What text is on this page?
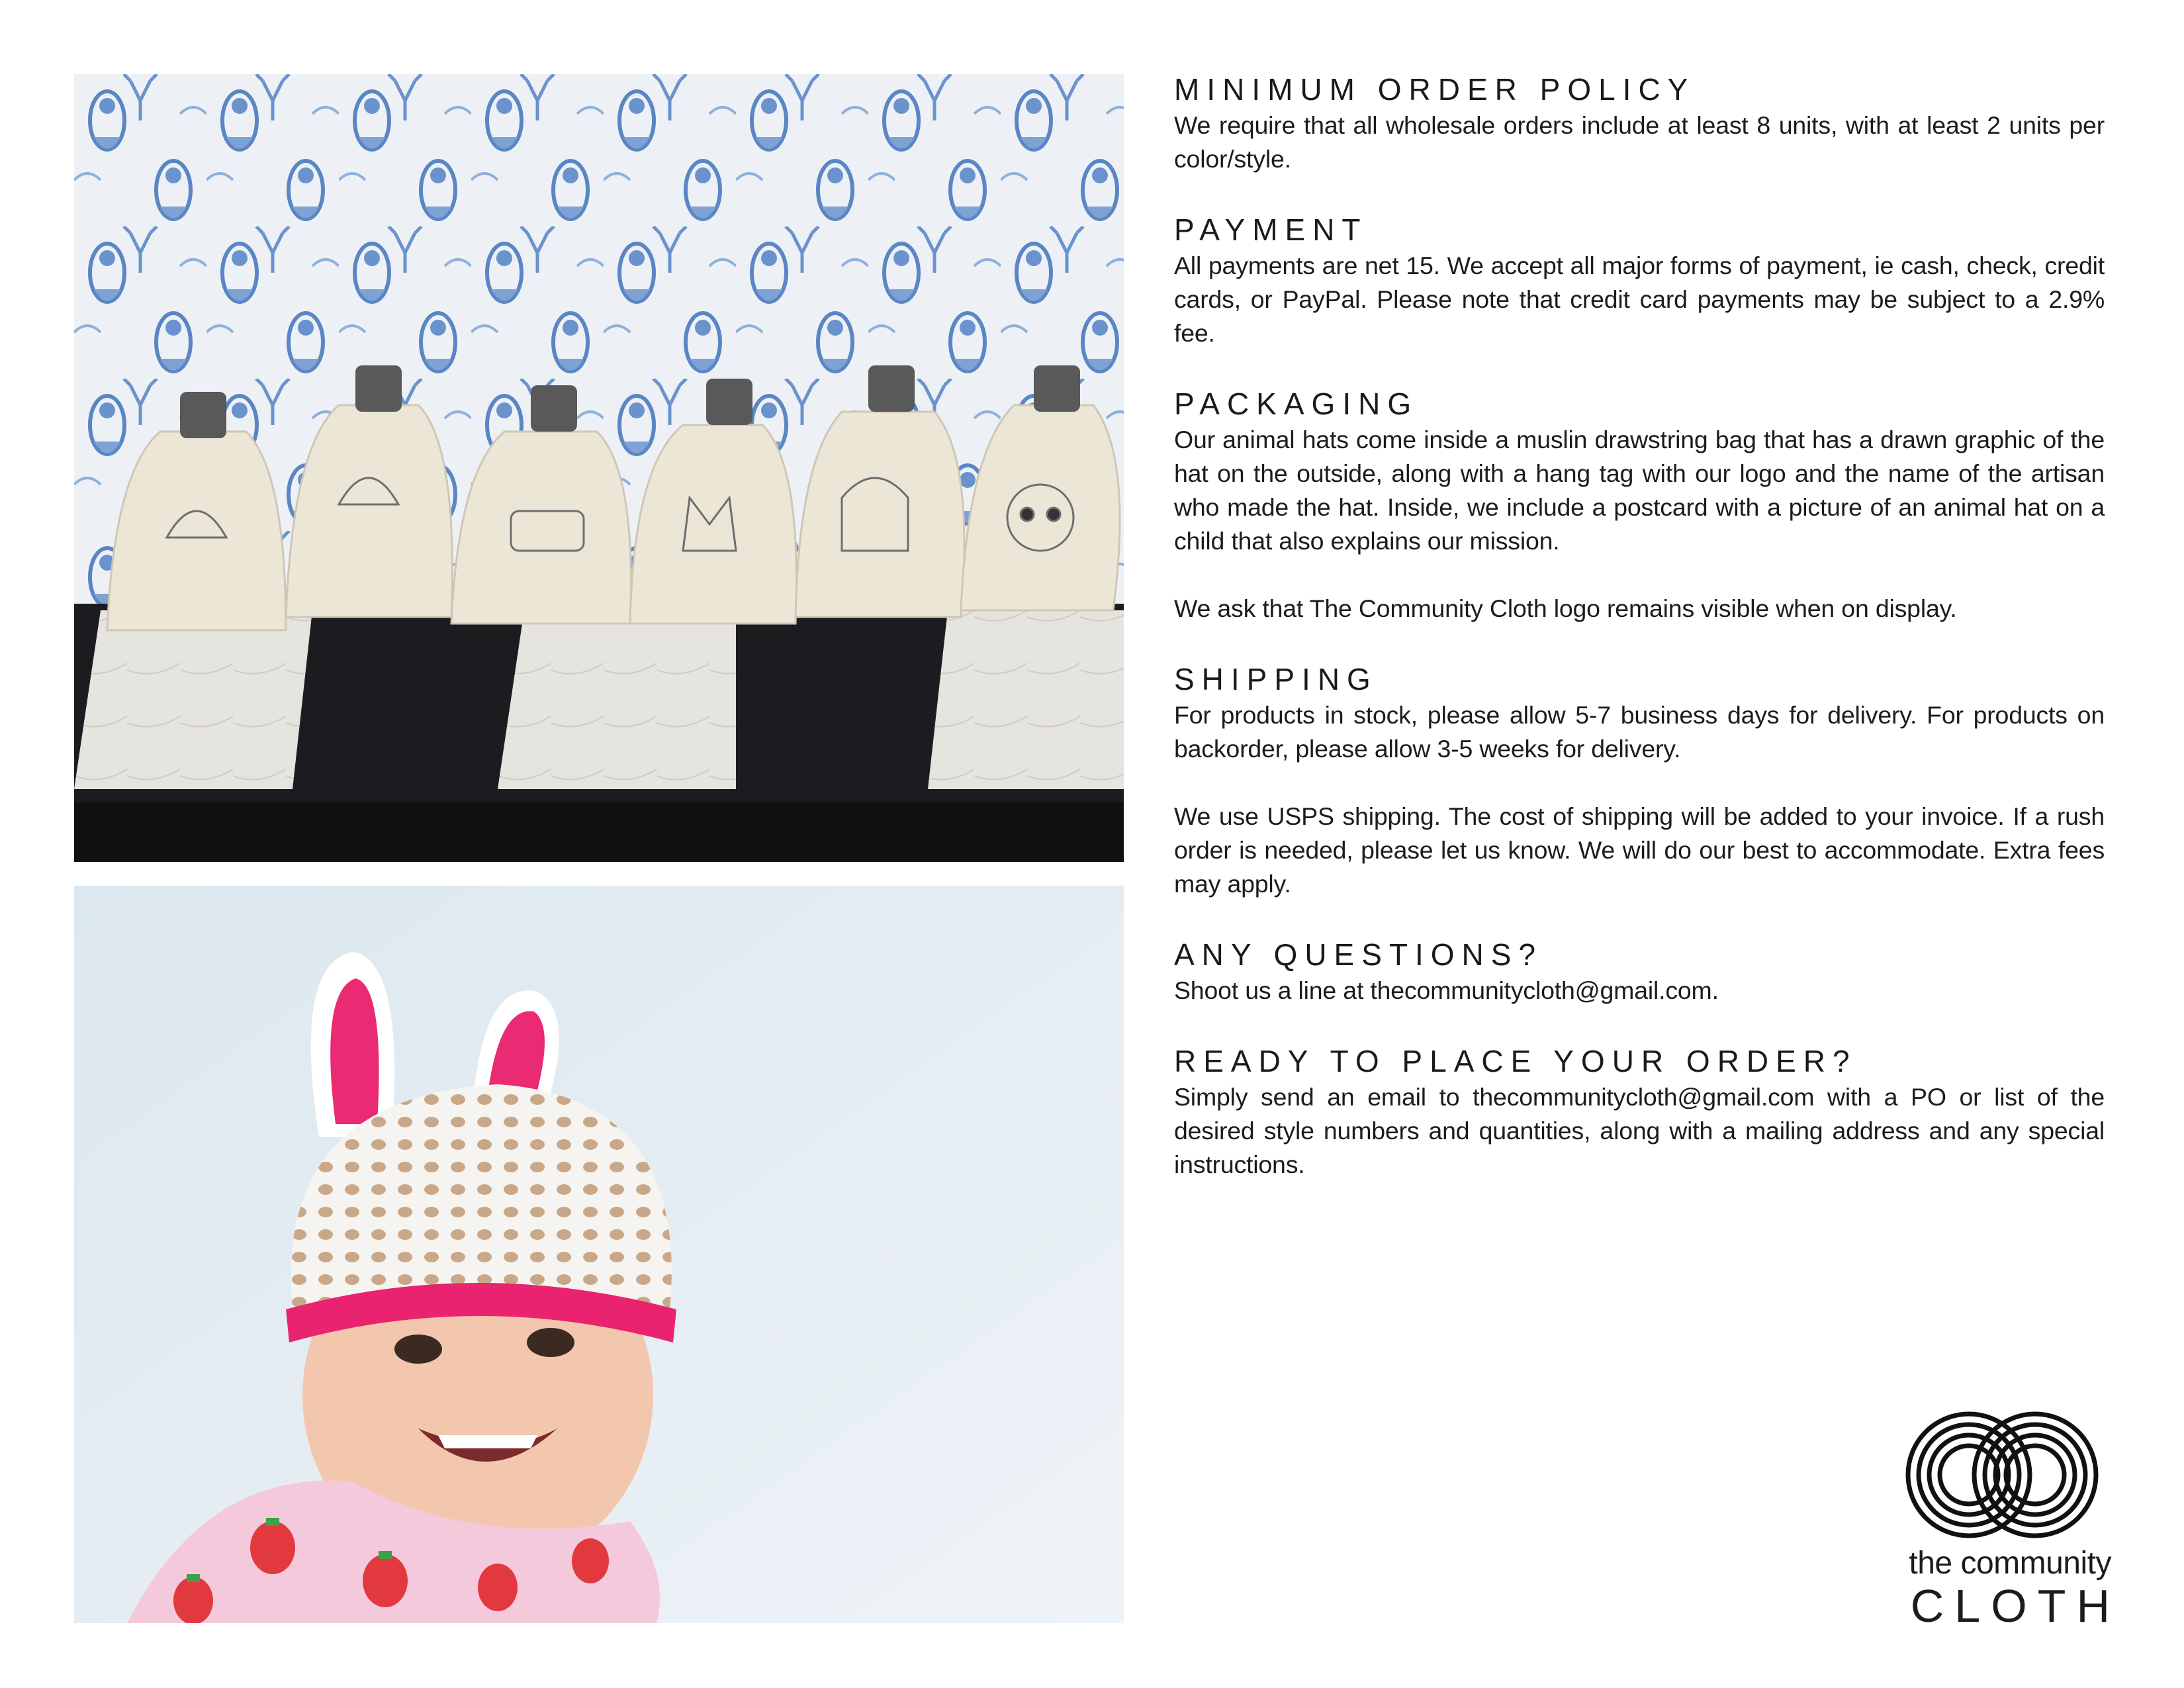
MINIMUM ORDER POLICY

We require that all wholesale orders include at least 8 units, with at least 2 units per color/style.

PAYMENT

All payments are net 15. We accept all major forms of payment, ie cash, check, credit cards, or PayPal. Please note that credit card payments may be subject to a 2.9% fee.

PACKAGING

Our animal hats come inside a muslin drawstring bag that has a drawn graphic of the hat on the outside, along with a hang tag with our logo and the name of the artisan who made the hat. Inside, we include a postcard with a picture of an animal hat on a child that also explains our mission.

We ask that The Community Cloth logo remains visible when on display.

SHIPPING

For products in stock, please allow 5-7 business days for delivery. For products on backorder, please allow 3-5 weeks for delivery.

We use USPS shipping. The cost of shipping will be added to your invoice. If a rush order is needed, please let us know. We will do our best to accommodate. Extra fees may apply.

ANY QUESTIONS?

Shoot us a line at thecommunitycloth@gmail.com.

READY TO PLACE YOUR ORDER?

Simply send an email to thecommunitycloth@gmail.com with a PO or list of the desired style numbers and quantities, along with a mailing address and any special instructions.

the community
CLOTH
